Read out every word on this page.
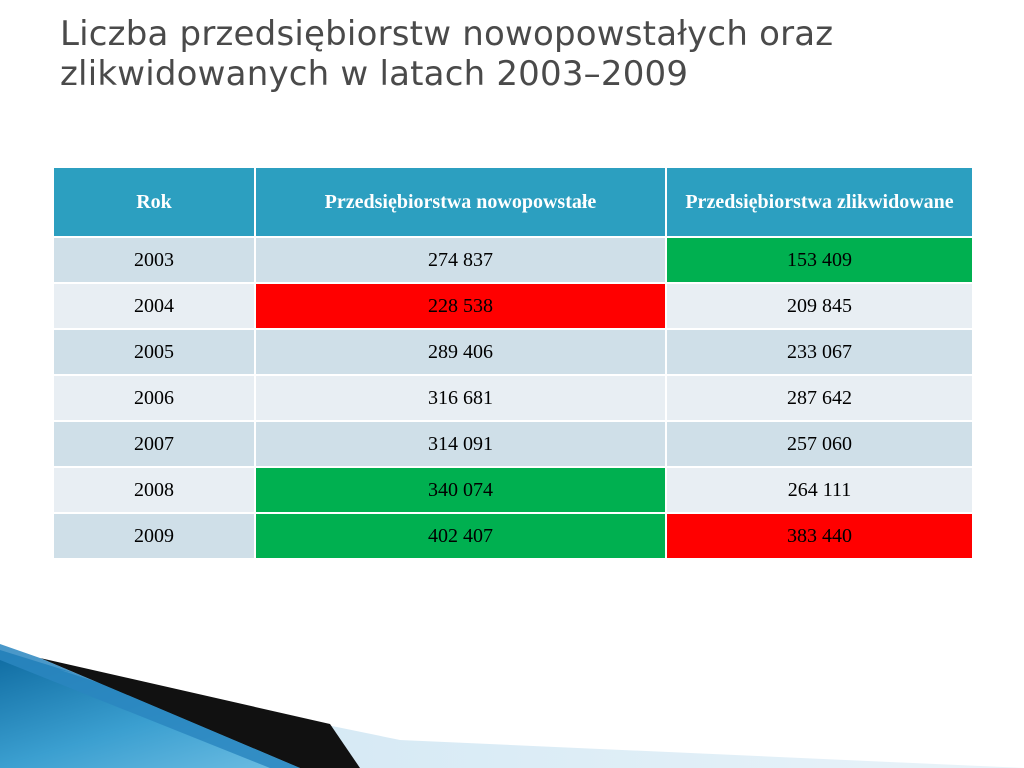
Liczba przedsiębiorstw nowopowstałych oraz
zlikwidowanych w latach 2003–2009
Rok	Przedsiębiorstwa nowopowstałe	Przedsiębiorstwa zlikwidowane
2003	274 837	153 409
2004	228 538	209 845
2005	289 406	233 067
2006	316 681	287 642
2007	314 091	257 060
2008	340 074	264 111
2009	402 407	383 440
